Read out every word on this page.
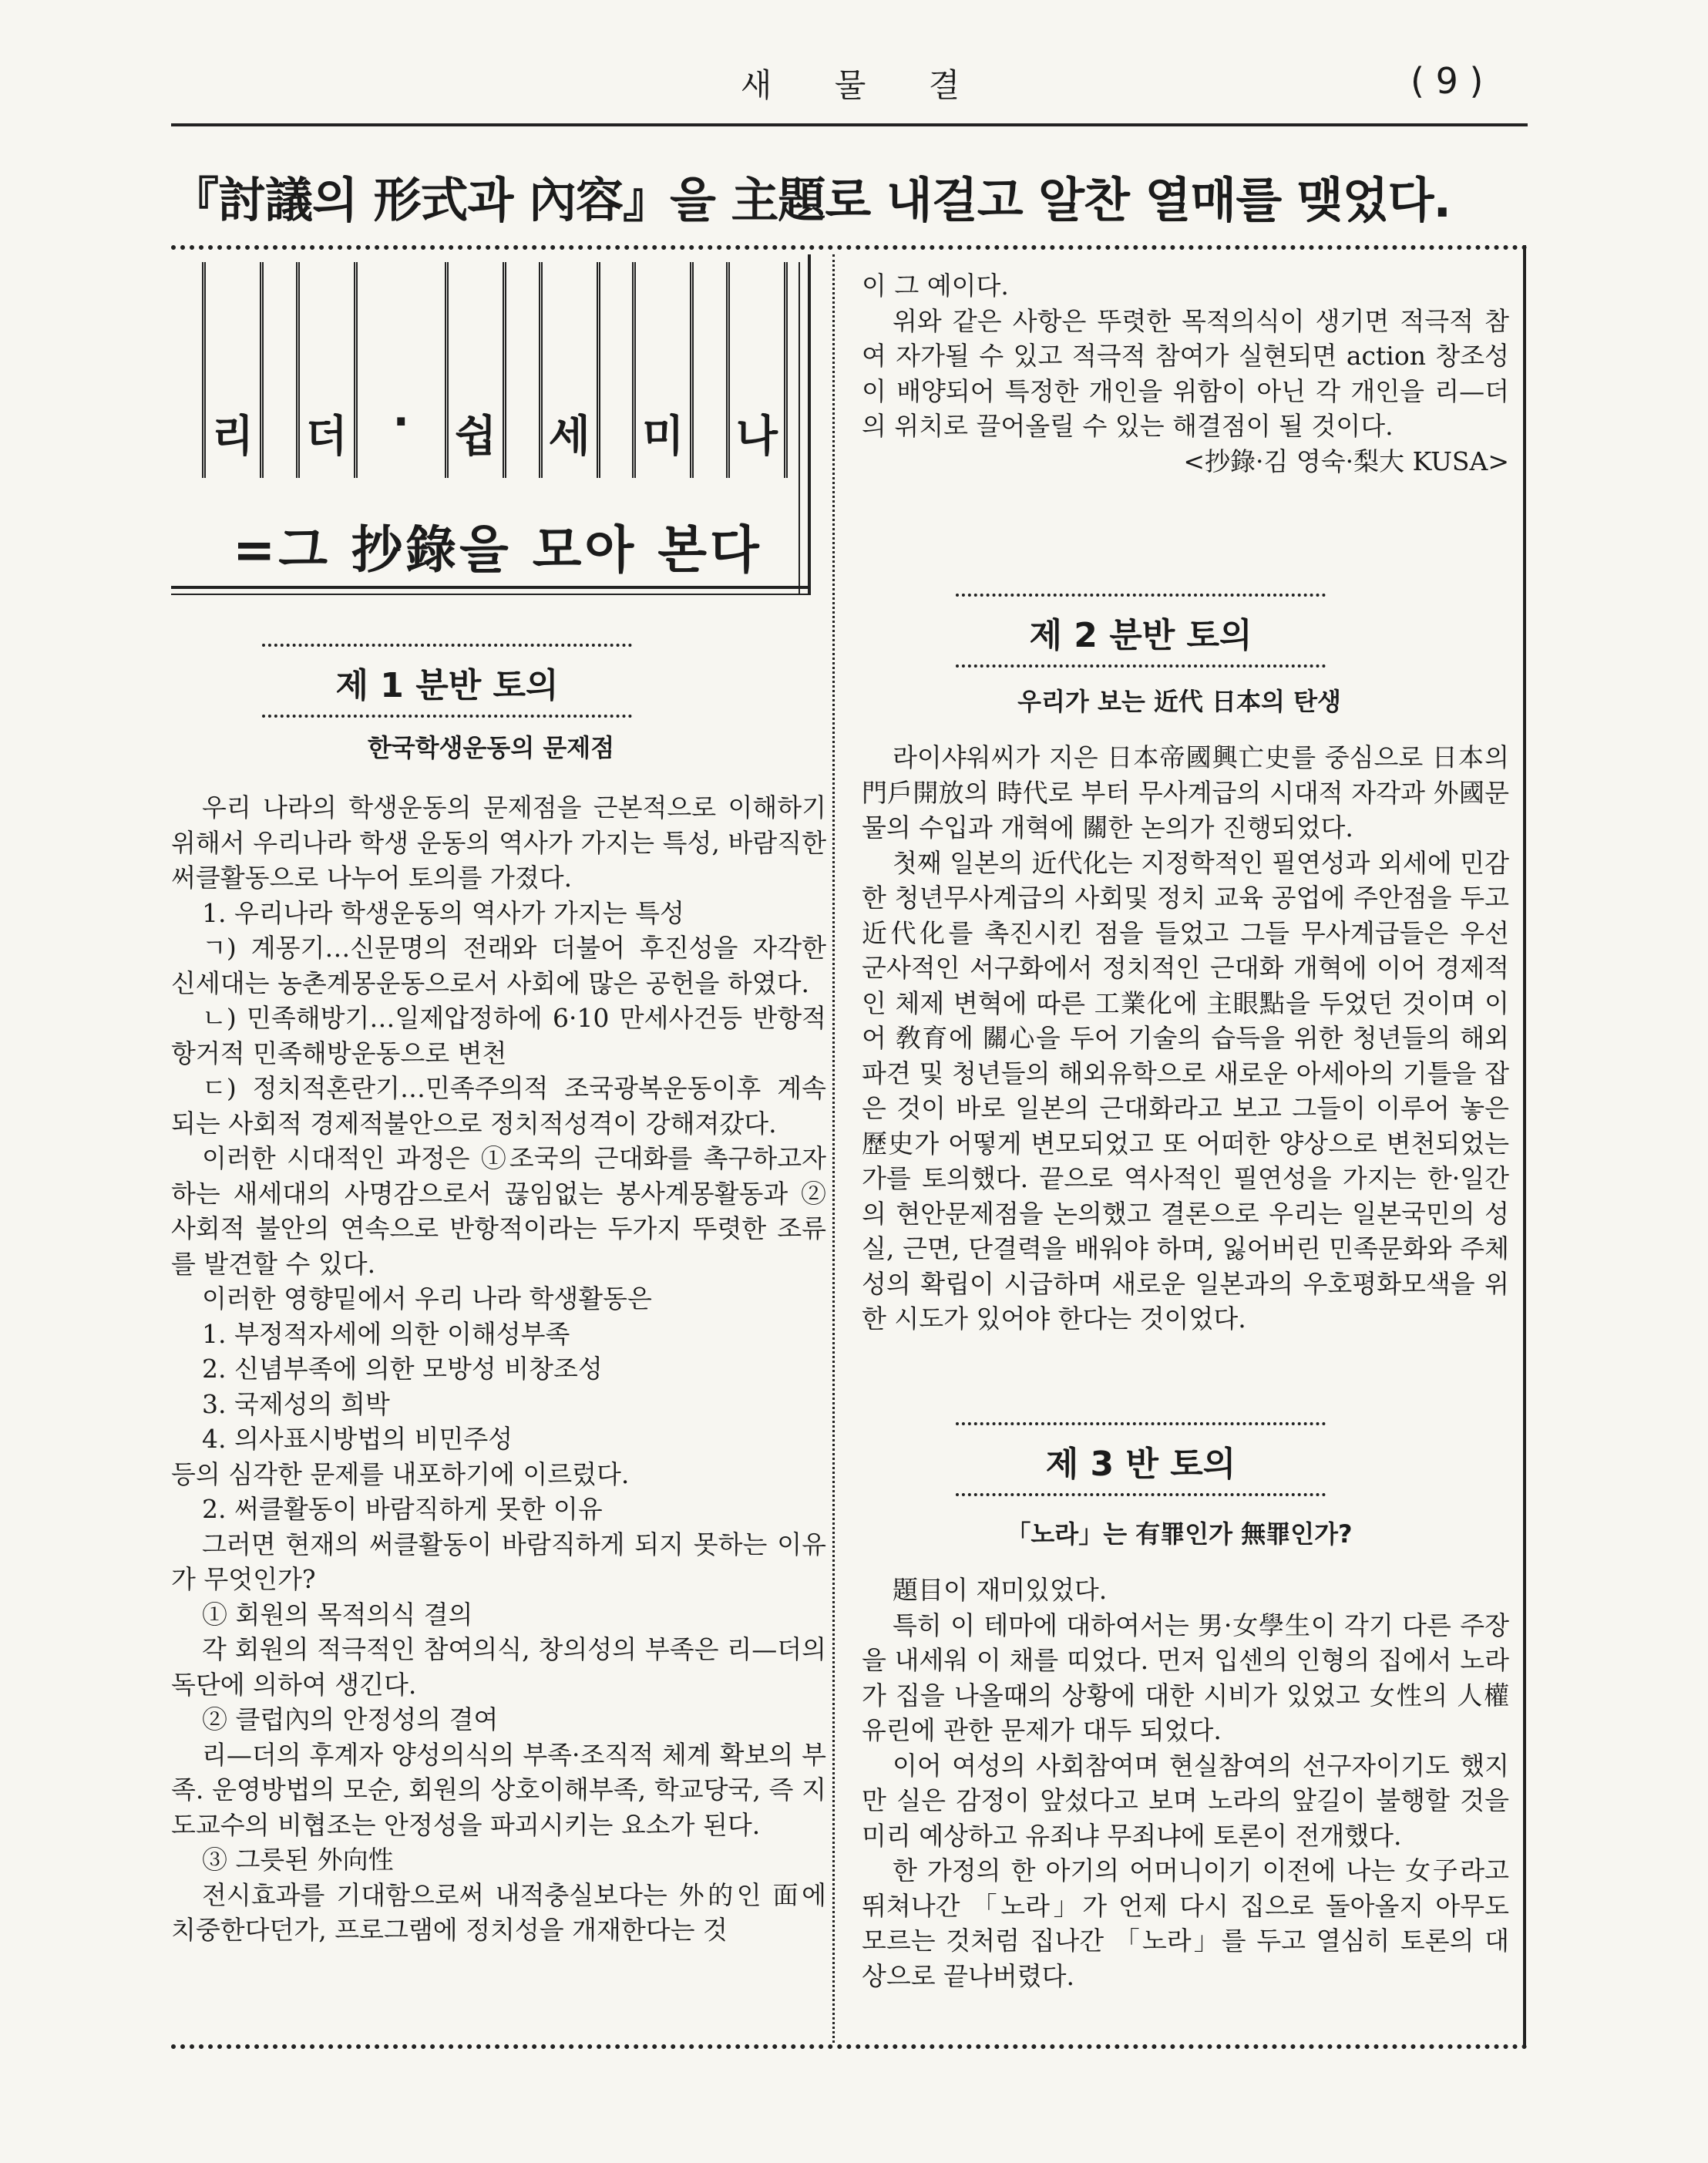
새 물 결	( 9 )
『討議의 形式과 內容』을 主題로 내걸고 알찬 열매를 맺었다.
리 더 · 쉽 세 미 나
=그 抄錄을 모아 본다
제 1 분반 토의
한국학생운동의 문제점

우리 나라의 학생운동의 문제점을 근본적으로 이해하기 위해서 우리나라 학생 운동의 역사가 가지는 특성, 바람직한 써클활동으로 나누어 토의를 가졌다.

1. 우리나라 학생운동의 역사가 가지는 특성

ㄱ) 계몽기…신문명의 전래와 더불어 후진성을 자각한 신세대는 농촌계몽운동으로서 사회에 많은 공헌을 하였다.

ㄴ) 민족해방기…일제압정하에 6·10 만세사건등 반항적 항거적 민족해방운동으로 변천

ㄷ) 정치적혼란기…민족주의적 조국광복운동이후 계속되는 사회적 경제적불안으로 정치적성격이 강해져갔다.

이러한 시대적인 과정은 ①조국의 근대화를 촉구하고자 하는 새세대의 사명감으로서 끊임없는 봉사계몽활동과 ②사회적 불안의 연속으로 반항적이라는 두가지 뚜렷한 조류를 발견할 수 있다.

이러한 영향밑에서 우리 나라 학생활동은

1. 부정적자세에 의한 이해성부족

2. 신념부족에 의한 모방성 비창조성

3. 국제성의 희박

4. 의사표시방법의 비민주성

등의 심각한 문제를 내포하기에 이르렀다.

2. 써클활동이 바람직하게 못한 이유

그러면 현재의 써클활동이 바람직하게 되지 못하는 이유가 무엇인가?

① 회원의 목적의식 결의

각 회원의 적극적인 참여의식, 창의성의 부족은 리—더의 독단에 의하여 생긴다.

② 클럽內의 안정성의 결여

리—더의 후계자 양성의식의 부족·조직적 체계 확보의 부족. 운영방법의 모순, 회원의 상호이해부족, 학교당국, 즉 지도교수의 비협조는 안정성을 파괴시키는 요소가 된다.

③ 그릇된 外向性

전시효과를 기대함으로써 내적충실보다는 外的인 面에 치중한다던가, 프로그램에 정치성을 개재한다는 것

이 그 예이다.

위와 같은 사항은 뚜렷한 목적의식이 생기면 적극적 참여 자가될 수 있고 적극적 참여가 실현되면 action 창조성이 배양되어 특정한 개인을 위함이 아닌 각 개인을 리—더의 위치로 끌어올릴 수 있는 해결점이 될 것이다.

<抄錄·김 영숙·梨大 KUSA>

제 2 분반 토의
우리가 보는 近代 日本의 탄생

라이샤워씨가 지은 日本帝國興亡史를 중심으로 日本의 門戶開放의 時代로 부터 무사계급의 시대적 자각과 外國문물의 수입과 개혁에 關한 논의가 진행되었다.

첫째 일본의 近代化는 지정학적인 필연성과 외세에 민감한 청년무사계급의 사회및 정치 교육 공업에 주안점을 두고 近代化를 촉진시킨 점을 들었고 그들 무사계급들은 우선 군사적인 서구화에서 정치적인 근대화 개혁에 이어 경제적인 체제 변혁에 따른 工業化에 主眼點을 두었던 것이며 이어 敎育에 關心을 두어 기술의 습득을 위한 청년들의 해외파견 및 청년들의 해외유학으로 새로운 아세아의 기틀을 잡은 것이 바로 일본의 근대화라고 보고 그들이 이루어 놓은 歷史가 어떻게 변모되었고 또 어떠한 양상으로 변천되었는 가를 토의했다. 끝으로 역사적인 필연성을 가지는 한·일간의 현안문제점을 논의했고 결론으로 우리는 일본국민의 성실, 근면, 단결력을 배워야 하며, 잃어버린 민족문화와 주체성의 확립이 시급하며 새로운 일본과의 우호평화모색을 위한 시도가 있어야 한다는 것이었다.

제 3 반 토의
「노라」는 有罪인가 無罪인가?

題目이 재미있었다.

특히 이 테마에 대하여서는 男·女學生이 각기 다른 주장을 내세워 이 채를 띠었다. 먼저 입센의 인형의 집에서 노라가 집을 나올때의 상황에 대한 시비가 있었고 女性의 人權 유린에 관한 문제가 대두 되었다.

이어 여성의 사회참여며 현실참여의 선구자이기도 했지만 실은 감정이 앞섰다고 보며 노라의 앞길이 불행할 것을 미리 예상하고 유죄냐 무죄냐에 토론이 전개했다.

한 가정의 한 아기의 어머니이기 이전에 나는 女子라고 뛰쳐나간 「노라」가 언제 다시 집으로 돌아올지 아무도 모르는 것처럼 집나간 「노라」를 두고 열심히 토론의 대상으로 끝나버렸다.
